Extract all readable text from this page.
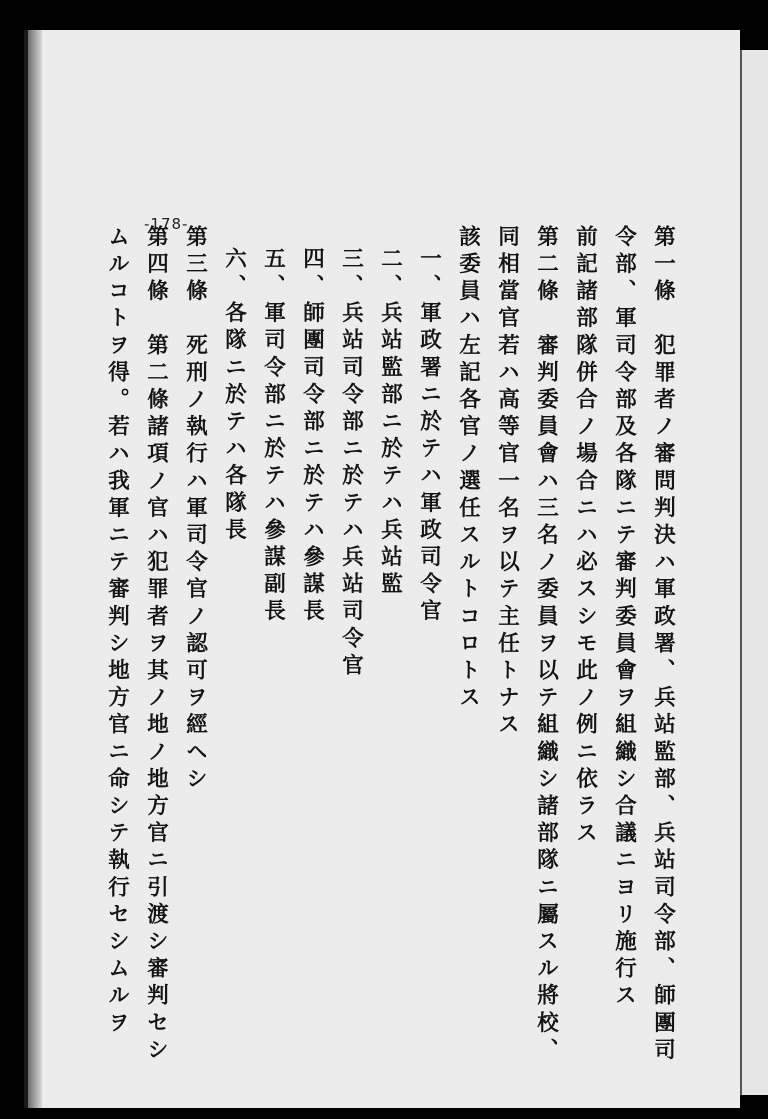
-178-
第一條　犯罪者ノ審問判決ハ軍政署、兵站監部、兵站司令部、師團司
令部、軍司令部及各隊ニテ審判委員會ヲ組織シ合議ニヨリ施行ス
前記諸部隊併合ノ場合ニハ必スシモ此ノ例ニ依ラス
第二條　審判委員會ハ三名ノ委員ヲ以テ組織シ諸部隊ニ屬スル將校、
同相當官若ハ高等官一名ヲ以テ主任トナス
該委員ハ左記各官ノ選任スルトコロトス
一、軍政署ニ於テハ軍政司令官
二、兵站監部ニ於テハ兵站監
三、兵站司令部ニ於テハ兵站司令官
四、師團司令部ニ於テハ參謀長
五、軍司令部ニ於テハ參謀副長
六、各隊ニ於テハ各隊長
第三條　死刑ノ執行ハ軍司令官ノ認可ヲ經ヘシ
第四條　第二條諸項ノ官ハ犯罪者ヲ其ノ地ノ地方官ニ引渡シ審判セシ
ムルコトヲ得。若ハ我軍ニテ審判シ地方官ニ命シテ執行セシムルヲ
